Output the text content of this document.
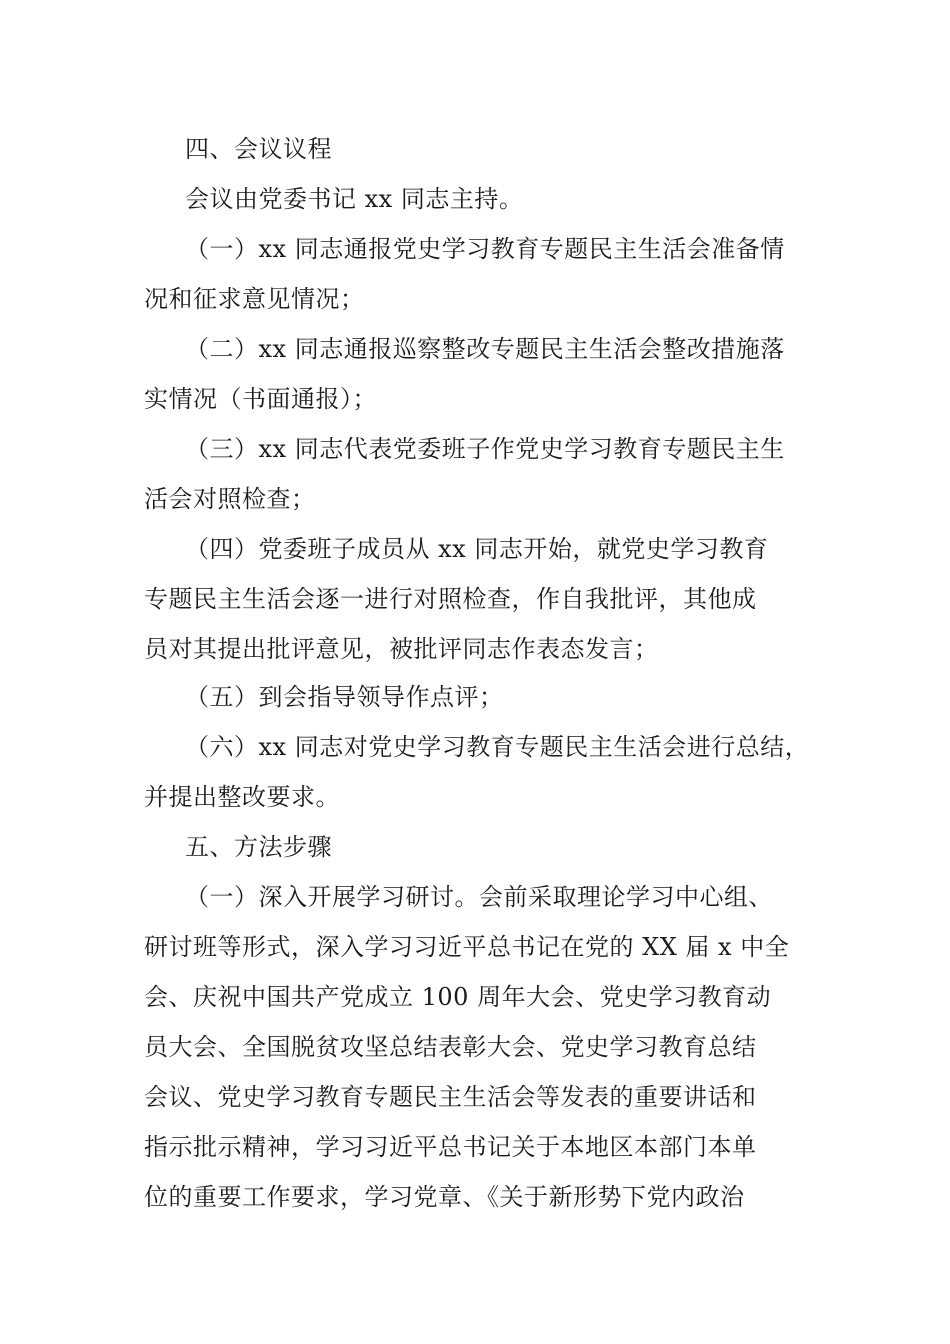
四、会议议程
会议由党委书记 xx 同志主持。
（一）xx 同志通报党史学习教育专题民主生活会准备情
况和征求意见情况；
（二）xx 同志通报巡察整改专题民主生活会整改措施落
实情况（书面通报）；
（三）xx 同志代表党委班子作党史学习教育专题民主生
活会对照检查；
（四）党委班子成员从 xx 同志开始，就党史学习教育
专题民主生活会逐一进行对照检查，作自我批评，其他成
员对其提出批评意见，被批评同志作表态发言；
（五）到会指导领导作点评；
（六）xx 同志对党史学习教育专题民主生活会进行总结，
并提出整改要求。
五、方法步骤
（一）深入开展学习研讨。会前采取理论学习中心组、
研讨班等形式，深入学习习近平总书记在党的 XX 届 x 中全
会、庆祝中国共产党成立 100 周年大会、党史学习教育动
员大会、全国脱贫攻坚总结表彰大会、党史学习教育总结
会议、党史学习教育专题民主生活会等发表的重要讲话和
指示批示精神，学习习近平总书记关于本地区本部门本单
位的重要工作要求，学习党章、《关于新形势下党内政治
